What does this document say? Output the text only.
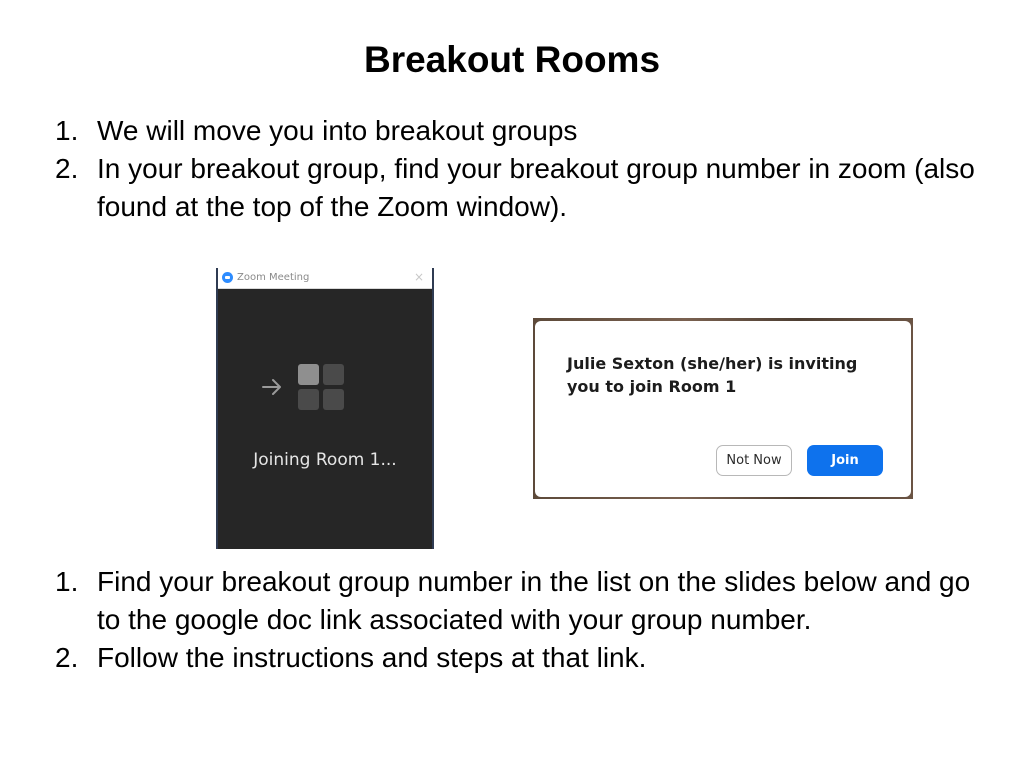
Breakout Rooms
1. We will move you into breakout groups
2. In your breakout group, find your breakout group number in zoom (also found at the top of the Zoom window).
Zoom Meeting	×
Joining Room 1...
Julie Sexton (she/her) is inviting you to join Room 1
Not Now	Join
1. Find your breakout group number in the list on the slides below and go to the google doc link associated with your group number.
2. Follow the instructions and steps at that link.
